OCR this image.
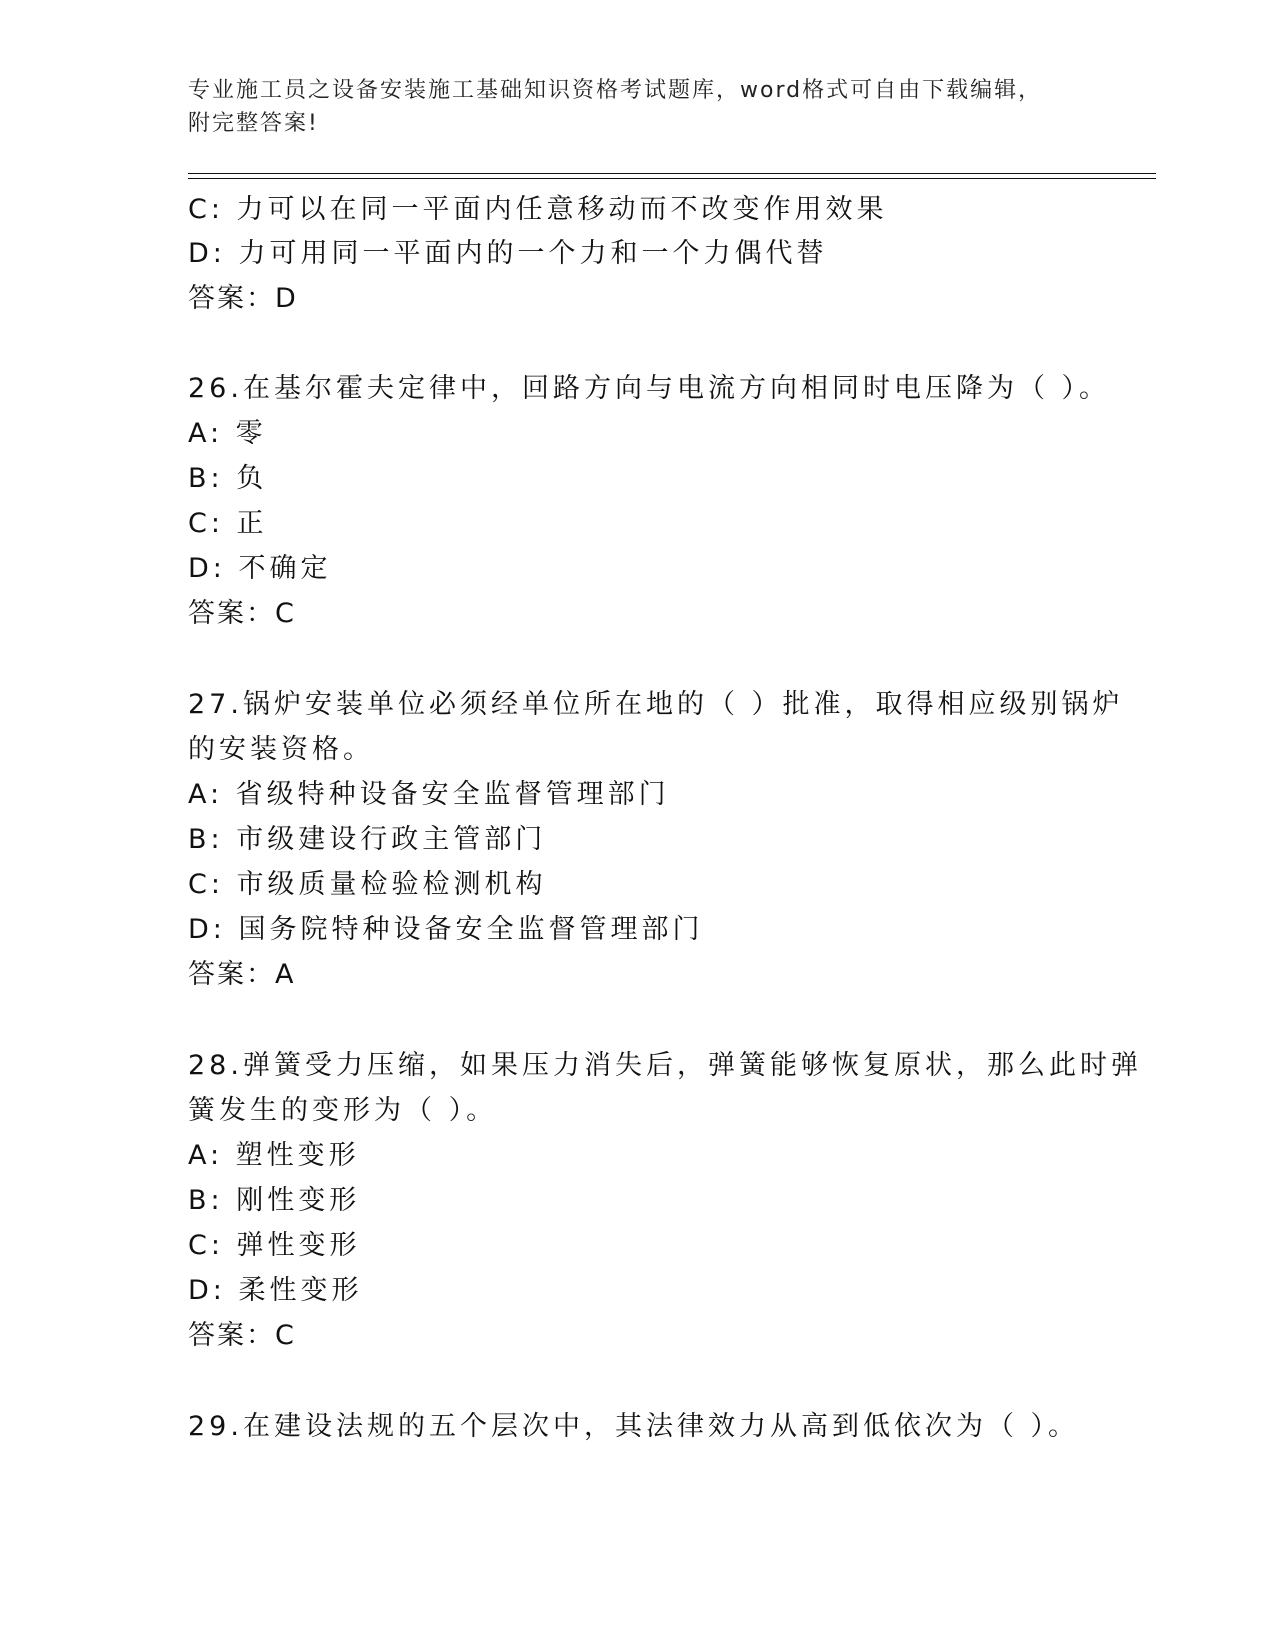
专业施工员之设备安装施工基础知识资格考试题库，word格式可自由下载编辑，
附完整答案!
C: 力可以在同一平面内任意移动而不改变作用效果
D: 力可用同一平面内的一个力和一个力偶代替
答案：D
26.在基尔霍夫定律中，回路方向与电流方向相同时电压降为（ ）。
A: 零
B: 负
C: 正
D: 不确定
答案：C
27.锅炉安装单位必须经单位所在地的（ ）批准，取得相应级别锅炉
的安装资格。
A: 省级特种设备安全监督管理部门
B: 市级建设行政主管部门
C: 市级质量检验检测机构
D: 国务院特种设备安全监督管理部门
答案：A
28.弹簧受力压缩，如果压力消失后，弹簧能够恢复原状，那么此时弹
簧发生的变形为（ ）。
A: 塑性变形
B: 刚性变形
C: 弹性变形
D: 柔性变形
答案：C
29.在建设法规的五个层次中，其法律效力从高到低依次为（ ）。
